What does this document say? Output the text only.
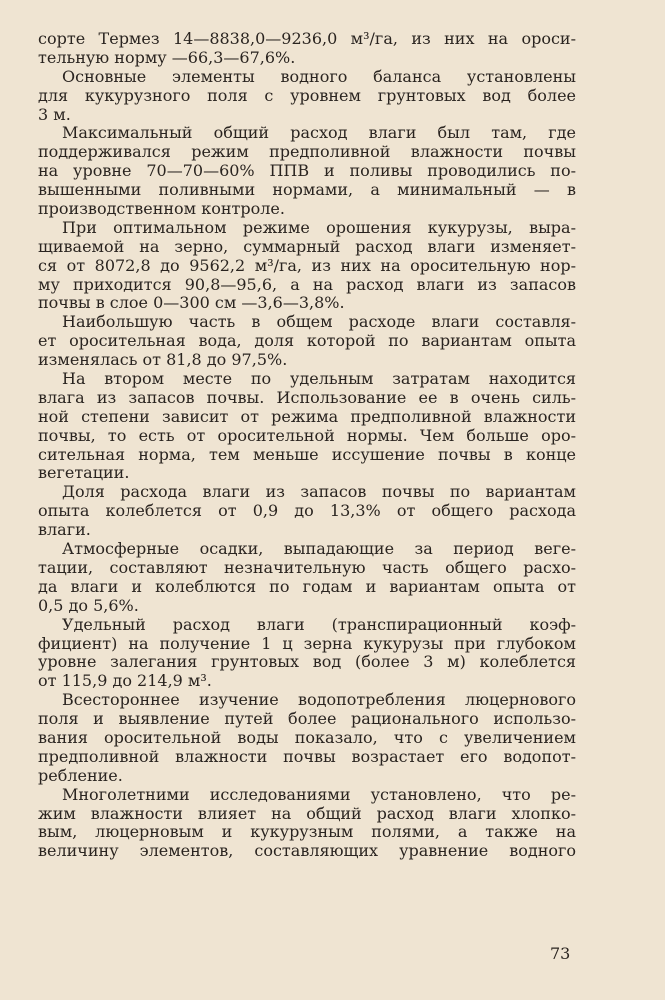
сорте Термез 14—8838,0—9236,0 м³/га, из них на ороси-
тельную норму —66,3—67,6%.
Основные элементы водного баланса установлены
для кукурузного поля с уровнем грунтовых вод более
3 м.
Максимальный общий расход влаги был там, где
поддерживался режим предполивной влажности почвы
на уровне 70—70—60% ППВ и поливы проводились по-
вышенными поливными нормами, а минимальный — в
производственном контроле.
При оптимальном режиме орошения кукурузы, выра-
щиваемой на зерно, суммарный расход влаги изменяет-
ся от 8072,8 до 9562,2 м³/га, из них на оросительную нор-
му приходится 90,8—95,6, а на расход влаги из запасов
почвы в слое 0—300 см —3,6—3,8%.
Наибольшую часть в общем расходе влаги составля-
ет оросительная вода, доля которой по вариантам опыта
изменялась от 81,8 до 97,5%.
На втором месте по удельным затратам находится
влага из запасов почвы. Использование ее в очень силь-
ной степени зависит от режима предполивной влажности
почвы, то есть от оросительной нормы. Чем больше оро-
сительная норма, тем меньше иссушение почвы в конце
вегетации.
Доля расхода влаги из запасов почвы по вариантам
опыта колеблется от 0,9 до 13,3% от общего расхода
влаги.
Атмосферные осадки, выпадающие за период веге-
тации, составляют незначительную часть общего расхо-
да влаги и колеблются по годам и вариантам опыта от
0,5 до 5,6%.
Удельный расход влаги (транспирационный коэф-
фициент) на получение 1 ц зерна кукурузы при глубоком
уровне залегания грунтовых вод (более 3 м) колеблется
от 115,9 до 214,9 м³.
Всестороннее изучение водопотребления люцернового
поля и выявление путей более рационального использо-
вания оросительной воды показало, что с увеличением
предполивной влажности почвы возрастает его водопот-
ребление.
Многолетними исследованиями установлено, что ре-
жим влажности влияет на общий расход влаги хлопко-
вым, люцерновым и кукурузным полями, а также на
величину элементов, составляющих уравнение водного
73
